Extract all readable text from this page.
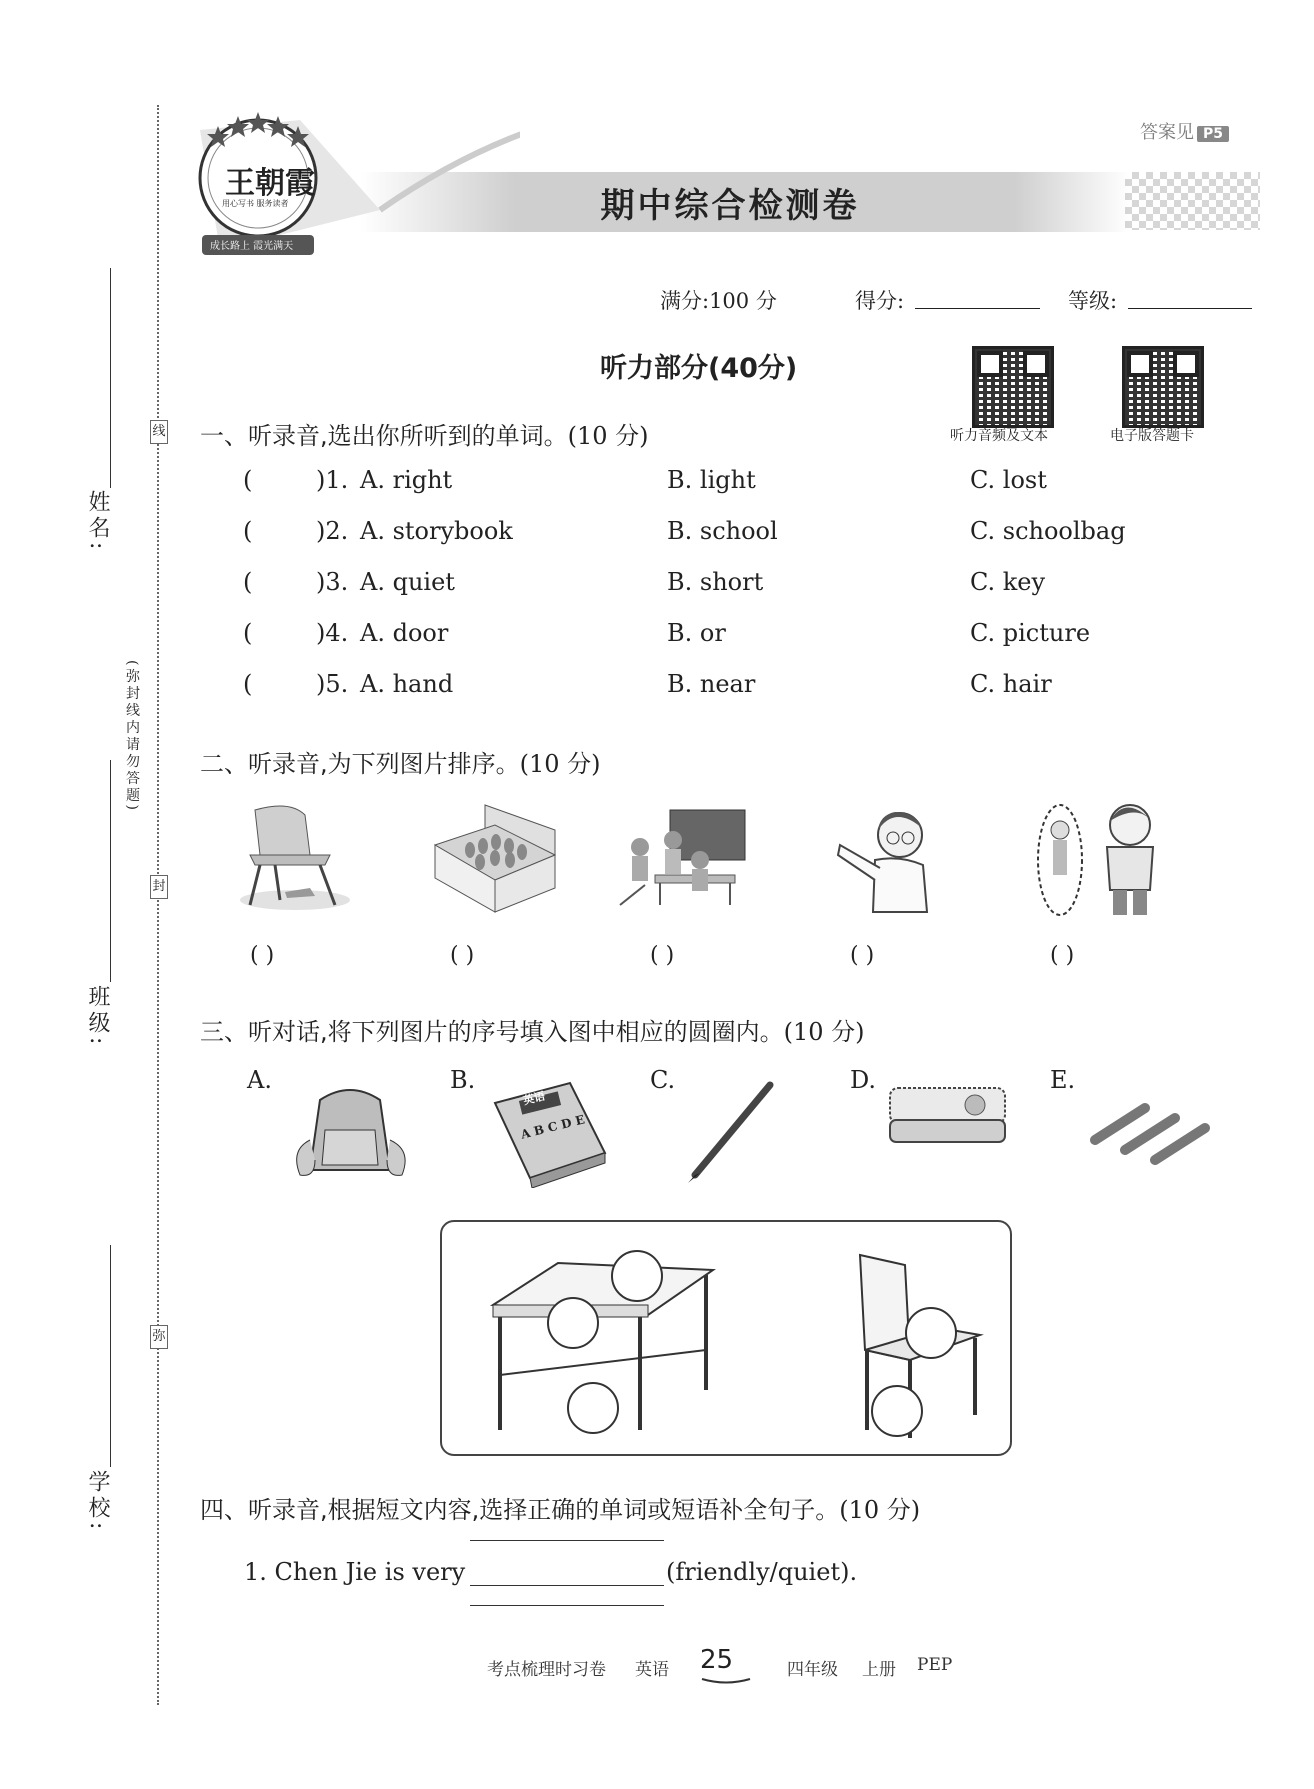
线
封
弥
(弥封线内请勿答题)
姓名:
班级:
学校:
答案见 P5
王朝霞
用心写书 服务读者
成长路上 霞光满天
期中综合检测卷
满分:100 分	得分:	等级:
听力部分(40分)
听力音频及文本	电子版答题卡
一、听录音,选出你所听到的单词。(10 分)
(	)1. A. right	B. light	C. lost
(	)2. A. storybook	B. school	C. schoolbag
(	)3. A. quiet	B. short	C. key
(	)4. A. door	B. or	C. picture
(	)5. A. hand	B. near	C. hair
二、听录音,为下列图片排序。(10 分)
( )	( )	( )	( )	( )
三、听对话,将下列图片的序号填入图中相应的圆圈内。(10 分)
A.	B.	C.	D.	E.
英语
A B C D E
四、听录音,根据短文内容,选择正确的单词或短语补全句子。(10 分)
1. Chen Jie is very	(friendly/quiet).
考点梳理时习卷 英语 25	四年级 上册 PEP
